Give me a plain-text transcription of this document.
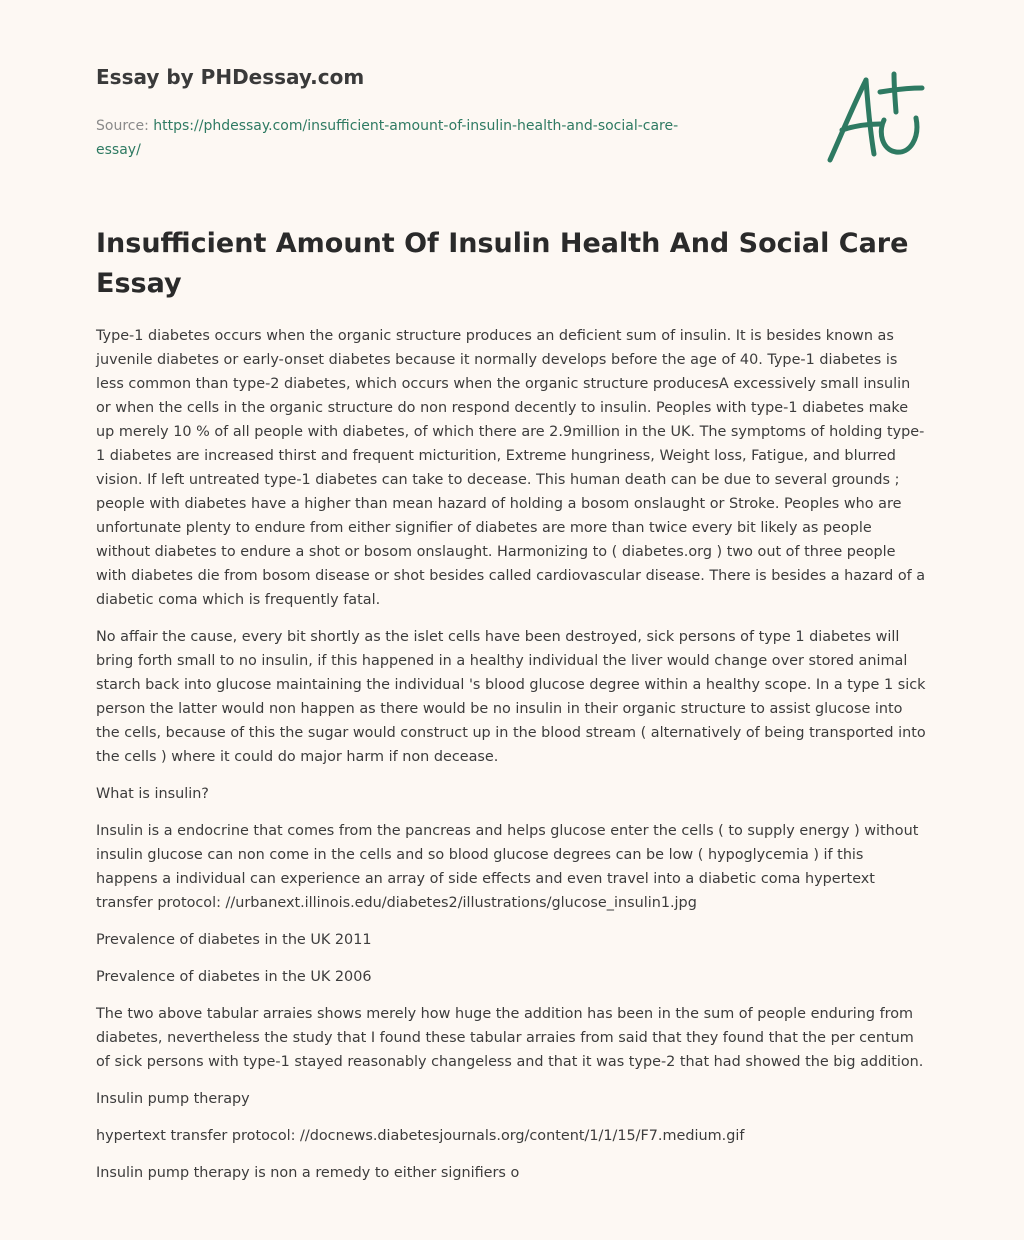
Essay by PHDessay.com
Source: https://phdessay.com/insufficient-amount-of-insulin-health-and-social-care-
essay/
Insufficient Amount Of Insulin Health And Social Care Essay

Type-1 diabetes occurs when the organic structure produces an deficient sum of insulin. It is besides known as juvenile diabetes or early-onset diabetes because it normally develops before the age of 40. Type-1 diabetes is less common than type-2 diabetes, which occurs when the organic structure producesA excessively small insulin or when the cells in the organic structure do non respond decently to insulin. Peoples with type-1 diabetes make up merely 10 % of all people with diabetes, of which there are 2.9million in the UK. The symptoms of holding type-1 diabetes are increased thirst and frequent micturition, Extreme hungriness, Weight loss, Fatigue, and blurred vision. If left untreated type-1 diabetes can take to decease. This human death can be due to several grounds ; people with diabetes have a higher than mean hazard of holding a bosom onslaught or Stroke. Peoples who are unfortunate plenty to endure from either signifier of diabetes are more than twice every bit likely as people without diabetes to endure a shot or bosom onslaught. Harmonizing to ( diabetes.org ) two out of three people with diabetes die from bosom disease or shot besides called cardiovascular disease. There is besides a hazard of a diabetic coma which is frequently fatal.

No affair the cause, every bit shortly as the islet cells have been destroyed, sick persons of type 1 diabetes will bring forth small to no insulin, if this happened in a healthy individual the liver would change over stored animal starch back into glucose maintaining the individual 's blood glucose degree within a healthy scope. In a type 1 sick person the latter would non happen as there would be no insulin in their organic structure to assist glucose into the cells, because of this the sugar would construct up in the blood stream ( alternatively of being transported into the cells ) where it could do major harm if non decease.

What is insulin?

Insulin is a endocrine that comes from the pancreas and helps glucose enter the cells ( to supply energy ) without insulin glucose can non come in the cells and so blood glucose degrees can be low ( hypoglycemia ) if this happens a individual can experience an array of side effects and even travel into a diabetic coma hypertext transfer protocol: //urbanext.illinois.edu/diabetes2/illustrations/glucose_insulin1.jpg

Prevalence of diabetes in the UK 2011

Prevalence of diabetes in the UK 2006

The two above tabular arraies shows merely how huge the addition has been in the sum of people enduring from diabetes, nevertheless the study that I found these tabular arraies from said that they found that the per centum of sick persons with type-1 stayed reasonably changeless and that it was type-2 that had showed the big addition.

Insulin pump therapy

hypertext transfer protocol: //docnews.diabetesjournals.org/content/1/1/15/F7.medium.gif

Insulin pump therapy is non a remedy to either signifiers o
